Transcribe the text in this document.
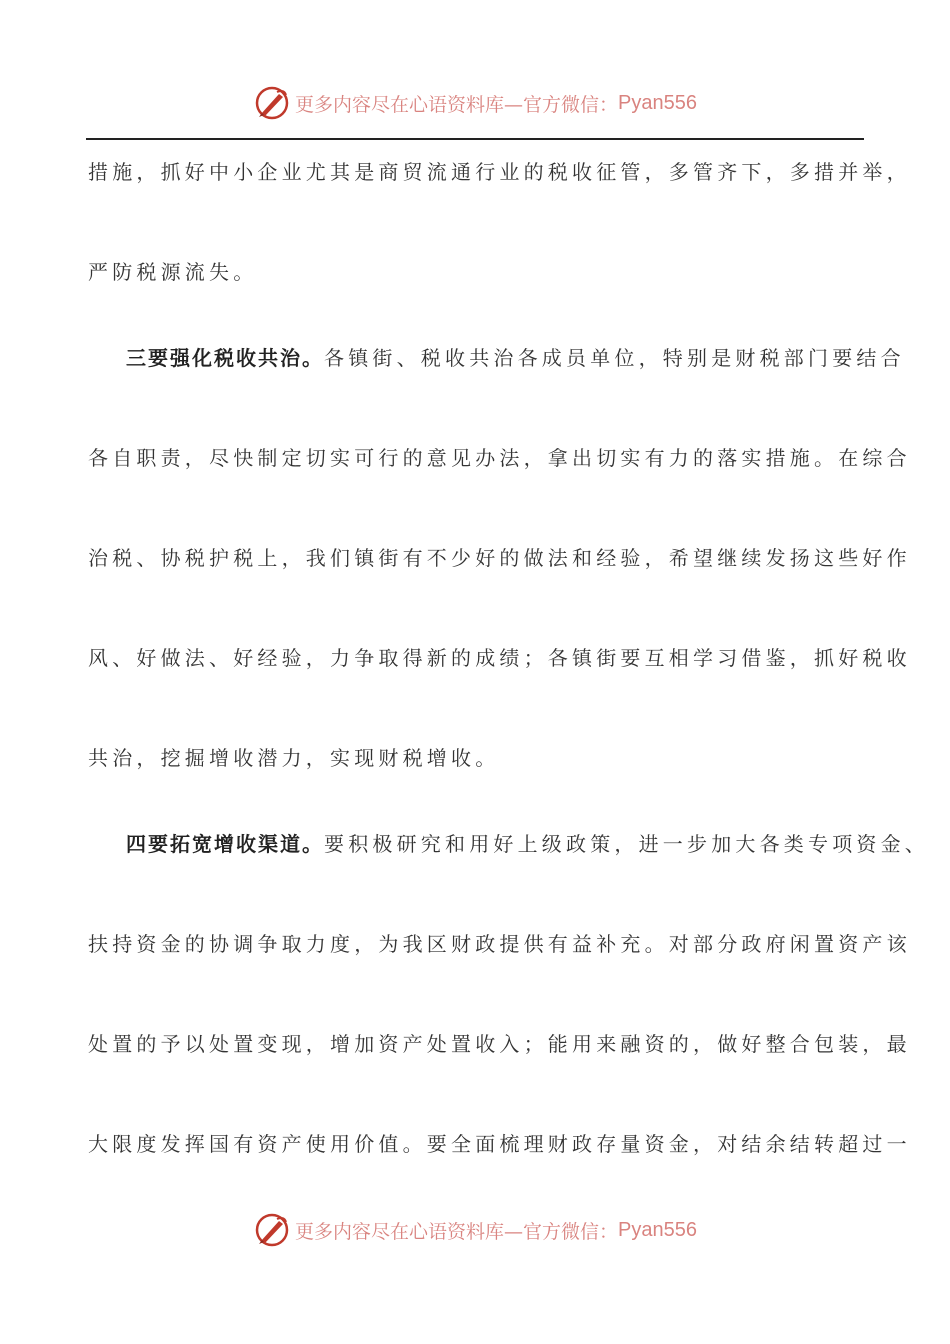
更多内容尽在心语资料库—官方微信： Pyan556
措施，抓好中小企业尤其是商贸流通行业的税收征管，多管齐下，多措并举，
严防税源流失。
三要强化税收共治。各镇街、税收共治各成员单位，特别是财税部门要结合
各自职责，尽快制定切实可行的意见办法，拿出切实有力的落实措施。在综合
治税、协税护税上，我们镇街有不少好的做法和经验，希望继续发扬这些好作
风、好做法、好经验，力争取得新的成绩；各镇街要互相学习借鉴，抓好税收
共治，挖掘增收潜力，实现财税增收。
四要拓宽增收渠道。要积极研究和用好上级政策，进一步加大各类专项资金、
扶持资金的协调争取力度，为我区财政提供有益补充。对部分政府闲置资产该
处置的予以处置变现，增加资产处置收入；能用来融资的，做好整合包装，最
大限度发挥国有资产使用价值。要全面梳理财政存量资金，对结余结转超过一
更多内容尽在心语资料库—官方微信： Pyan556
